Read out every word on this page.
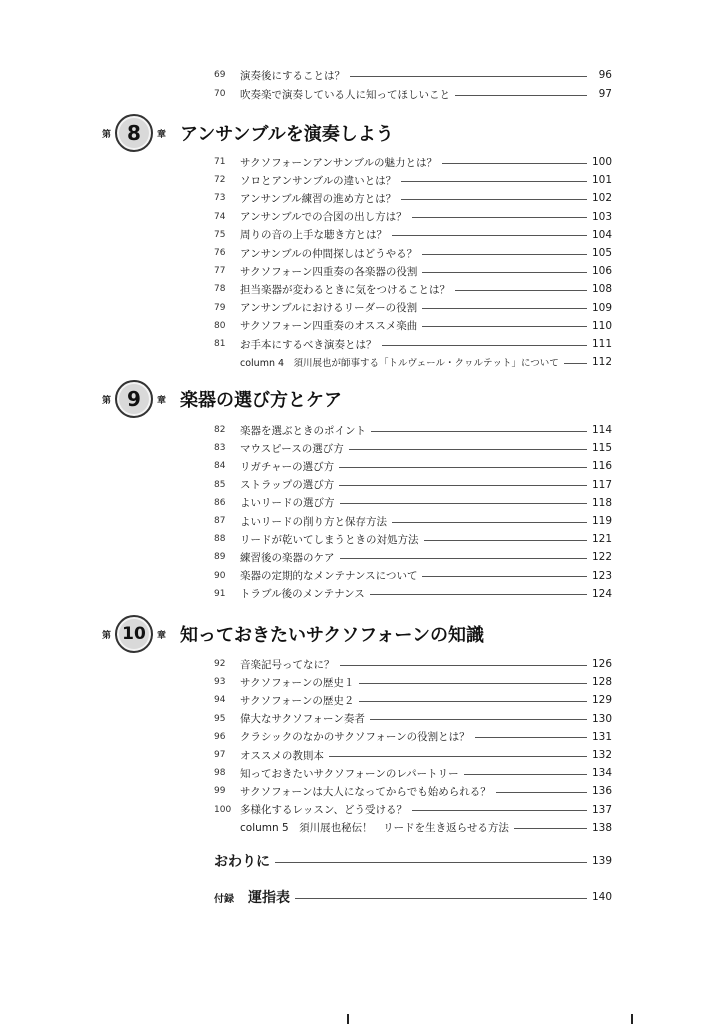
69	演奏後にすることは？	96
70	吹奏楽で演奏している人に知ってほしいこと	97
第 8 章 アンサンブルを演奏しよう
71	サクソフォーンアンサンブルの魅力とは？	100
72	ソロとアンサンブルの違いとは？	101
73	アンサンブル練習の進め方とは？	102
74	アンサンブルでの合図の出し方は？	103
75	周りの音の上手な聴き方とは？	104
76	アンサンブルの仲間探しはどうやる？	105
77	サクソフォーン四重奏の各楽器の役割	106
78	担当楽器が変わるときに気をつけることは？	108
79	アンサンブルにおけるリーダーの役割	109
80	サクソフォーン四重奏のオススメ楽曲	110
81	お手本にするべき演奏とは？	111
column 4　須川展也が師事する「トルヴェール・クヮルテット」について	112
第 9 章 楽器の選び方とケア
82	楽器を選ぶときのポイント	114
83	マウスピースの選び方	115
84	リガチャーの選び方	116
85	ストラップの選び方	117
86	よいリードの選び方	118
87	よいリードの削り方と保存方法	119
88	リードが乾いてしまうときの対処方法	121
89	練習後の楽器のケア	122
90	楽器の定期的なメンテナンスについて	123
91	トラブル後のメンテナンス	124
第 10 章 知っておきたいサクソフォーンの知識
92	音楽記号ってなに？	126
93	サクソフォーンの歴史１	128
94	サクソフォーンの歴史２	129
95	偉大なサクソフォーン奏者	130
96	クラシックのなかのサクソフォーンの役割とは？	131
97	オススメの教則本	132
98	知っておきたいサクソフォーンのレパートリー	134
99	サクソフォーンは大人になってからでも始められる？	136
100 多様化するレッスン、どう受ける？	137
column 5　須川展也秘伝！　リードを生き返らせる方法	138
おわりに	139
付録 運指表	140
